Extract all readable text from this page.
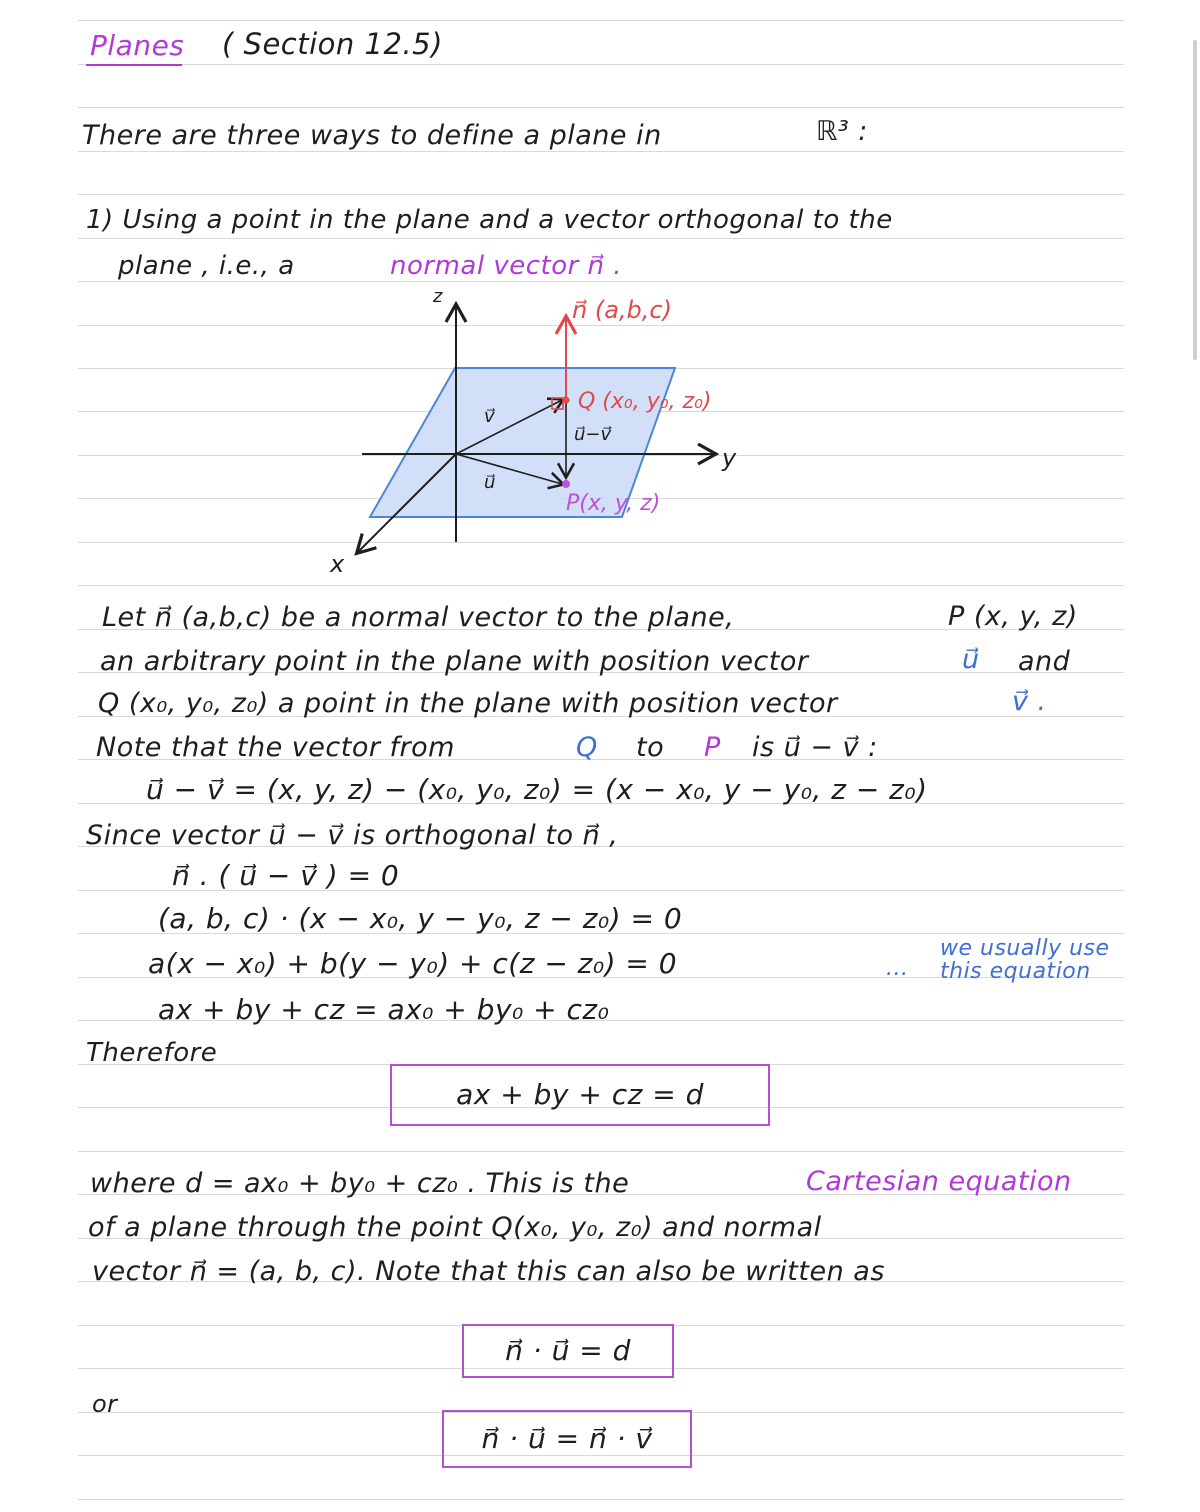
Planes ( Section 12.5)
There are three ways to define a plane in	ℝ³ :
1) Using a point in the plane and a vector orthogonal to the
plane , i.e., a	normal vector n⃗ .
z
y
x
n⃗ (a,b,c)
Q (x₀, y₀, z₀)
u⃗−v⃗
v⃗
u⃗
P(x, y, z)
Let n⃗ (a,b,c) be a normal vector to the plane,	P (x, y, z)
an arbitrary point in the plane with position vector	u⃗ and
Q (x₀, y₀, z₀) a point in the plane with position vector	v⃗ .
Note that the vector from	Q to P is u⃗ − v⃗ :
u⃗ − v⃗ = (x, y, z) − (x₀, y₀, z₀) = (x − x₀, y − y₀, z − z₀)
Since vector u⃗ − v⃗ is orthogonal to n⃗ ,
n⃗ . ( u⃗ − v⃗ ) = 0
(a, b, c) · (x − x₀, y − y₀, z − z₀) = 0
a(x − x₀) + b(y − y₀) + c(z − z₀) = 0
ax + by + cz = ax₀ + by₀ + cz₀
...
we usually use
this equation
Therefore
ax + by + cz = d
where d = ax₀ + by₀ + cz₀ . This is the	Cartesian equation
of a plane through the point Q(x₀, y₀, z₀) and normal
vector n⃗ = (a, b, c). Note that this can also be written as
n⃗ · u⃗ = d
or
n⃗ · u⃗ = n⃗ · v⃗
